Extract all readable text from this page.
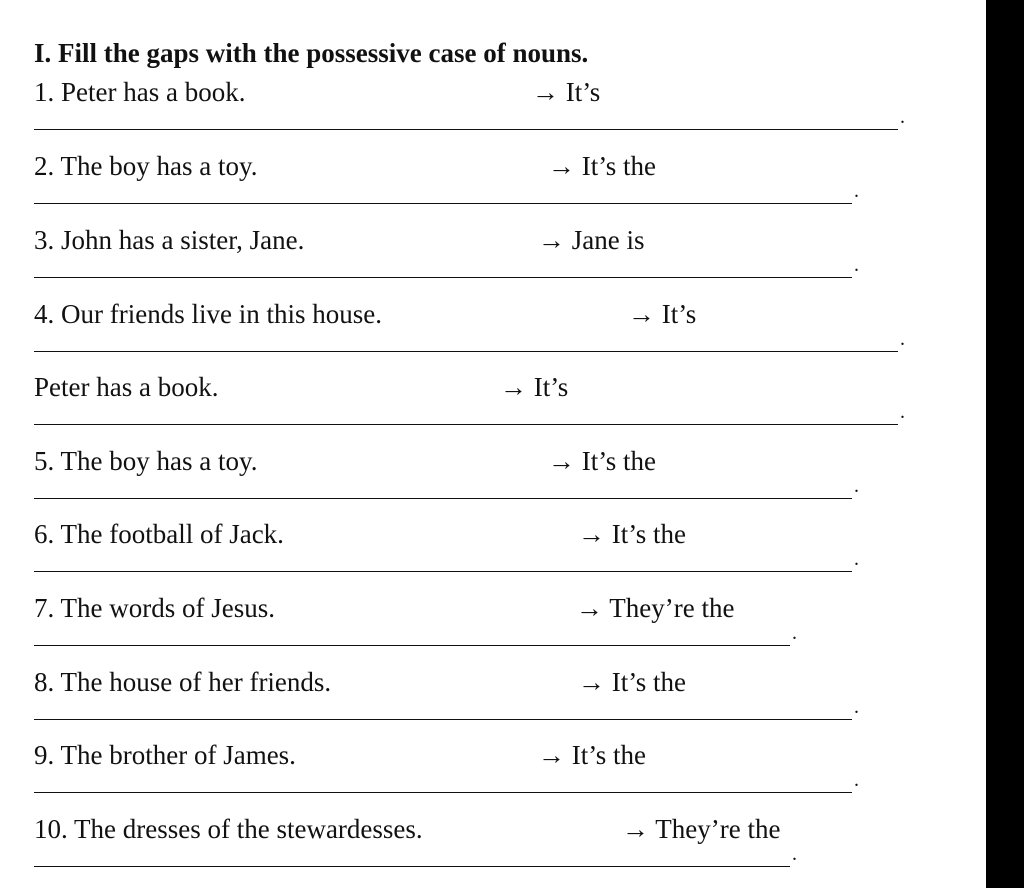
I. Fill the gaps with the possessive case of nouns.
1. Peter has a book.	→ It’s
.
2. The boy has a toy.	→ It’s the
.
3. John has a sister, Jane.	→ Jane is
.
4. Our friends live in this house.	→ It’s
.
Peter has a book.	→ It’s
.
5. The boy has a toy.	→ It’s the
.
6. The football of Jack.	→ It’s the
.
7. The words of Jesus.	→ They’re the
.
8. The house of her friends.	→ It’s the
.
9. The brother of James.	→ It’s the
.
10. The dresses of the stewardesses.	→ They’re the
.
